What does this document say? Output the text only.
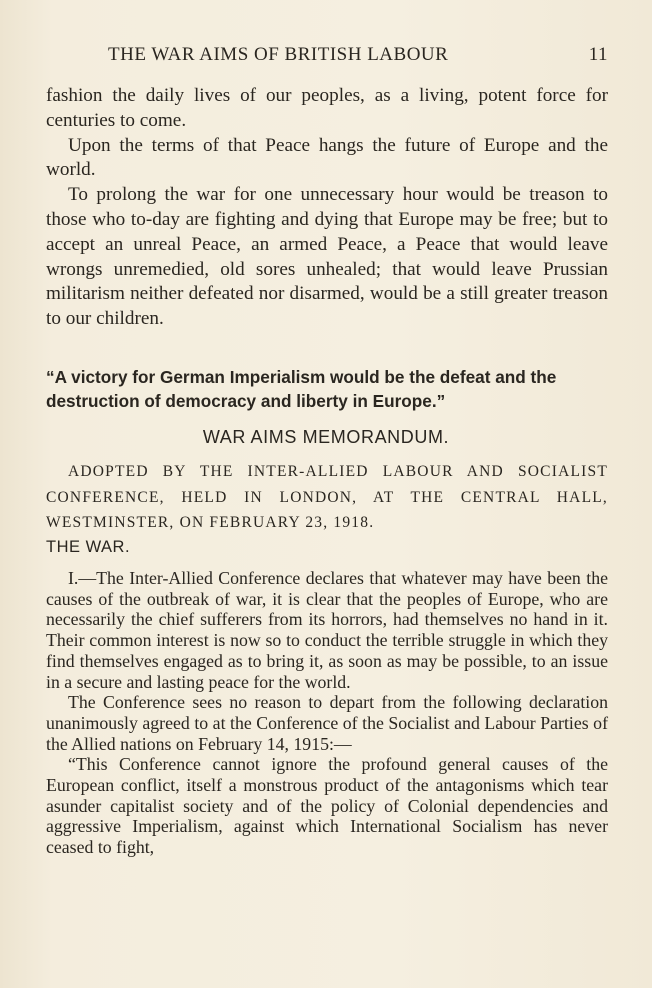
THE WAR AIMS OF BRITISH LABOUR	11

fashion the daily lives of our peoples, as a living, potent force for centuries to come.

Upon the terms of that Peace hangs the future of Europe and the world.

To prolong the war for one unnecessary hour would be treason to those who to-day are fighting and dying that Europe may be free; but to accept an unreal Peace, an armed Peace, a Peace that would leave wrongs unremedied, old sores unhealed; that would leave Prussian militarism neither defeated nor disarmed, would be a still greater treason to our children.

“A victory for German Imperialism would be the defeat and the destruction of democracy and liberty in Europe.”
WAR AIMS MEMORANDUM.

ADOPTED BY THE INTER-ALLIED LABOUR AND SOCIALIST CONFERENCE, HELD IN LONDON, AT THE CENTRAL HALL, WESTMINSTER, ON FEBRUARY 23, 1918.

THE WAR.

I.—The Inter-Allied Conference declares that whatever may have been the causes of the outbreak of war, it is clear that the peoples of Europe, who are necessarily the chief sufferers from its horrors, had themselves no hand in it. Their common interest is now so to conduct the terrible struggle in which they find themselves engaged as to bring it, as soon as may be possible, to an issue in a secure and lasting peace for the world.

The Conference sees no reason to depart from the following declaration unanimously agreed to at the Conference of the Socialist and Labour Parties of the Allied nations on February 14, 1915:—

“This Conference cannot ignore the profound general causes of the European conflict, itself a monstrous product of the antagonisms which tear asunder capitalist society and of the policy of Colonial dependencies and aggressive Imperialism, against which International Socialism has never ceased to fight,
